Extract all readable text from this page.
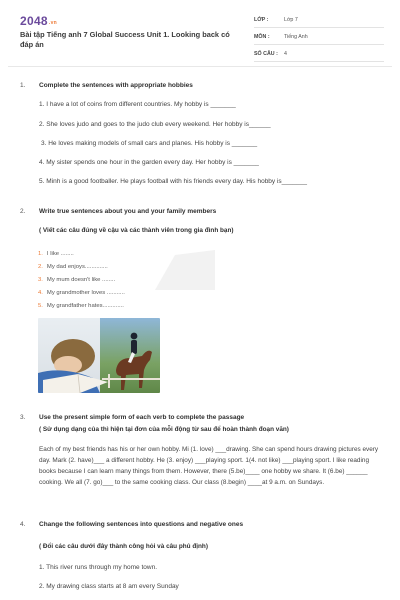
2048.vn
Bài tập Tiếng anh 7 Global Success Unit 1. Looking back có đáp án
LỚP :	Lớp 7
MÔN :	Tiếng Anh
SỐ CÂU : 4
1. Complete the sentences with appropriate hobbies
1. I have a lot of coins from different countries. My hobby is _______
2. She loves judo and goes to the judo club every weekend. Her hobby is______
3. He loves making models of small cars and planes. His hobby is _______
4. My sister spends one hour in the garden every day. Her hobby is _______
5. Minh is a good footballer. He plays football with his friends every day. His hobby is_______
2. Write true sentences about you and your family members
( Viết các câu đúng về cậu và các thành viên trong gia đình bạn)
1. I like ........
2. My dad enjoys..............
3. My mum doesn't like ........
4. My grandmother loves ...........
5. My grandfather hates.............
3. Use the present simple form of each verb to complete the passage
( Sử dụng dạng của thì hiện tại đơn của mỗi động từ sau để hoàn thành đoạn văn)
Each of my best friends has his or her own hobby. Mi (1. love) ___drawing. She can spend hours drawing pictures every day. Mark (2. have)___ a different hobby. He (3. enjoy) ___playing sport. 1(4. not like) ___playing sport. I like reading books because I can learn many things from them. However, there (5.be)____ one hobby we share. It (6.be) ______ cooking. We all (7. go)___ to the same cooking class. Our class (8.begin) ____at 9 a.m. on Sundays.
4. Change the following sentences into questions and negative ones
( Đổi các câu dưới đây thành công hỏi và câu phủ định)
1. This river runs through my home town.
2. My drawing class starts at 8 am every Sunday
